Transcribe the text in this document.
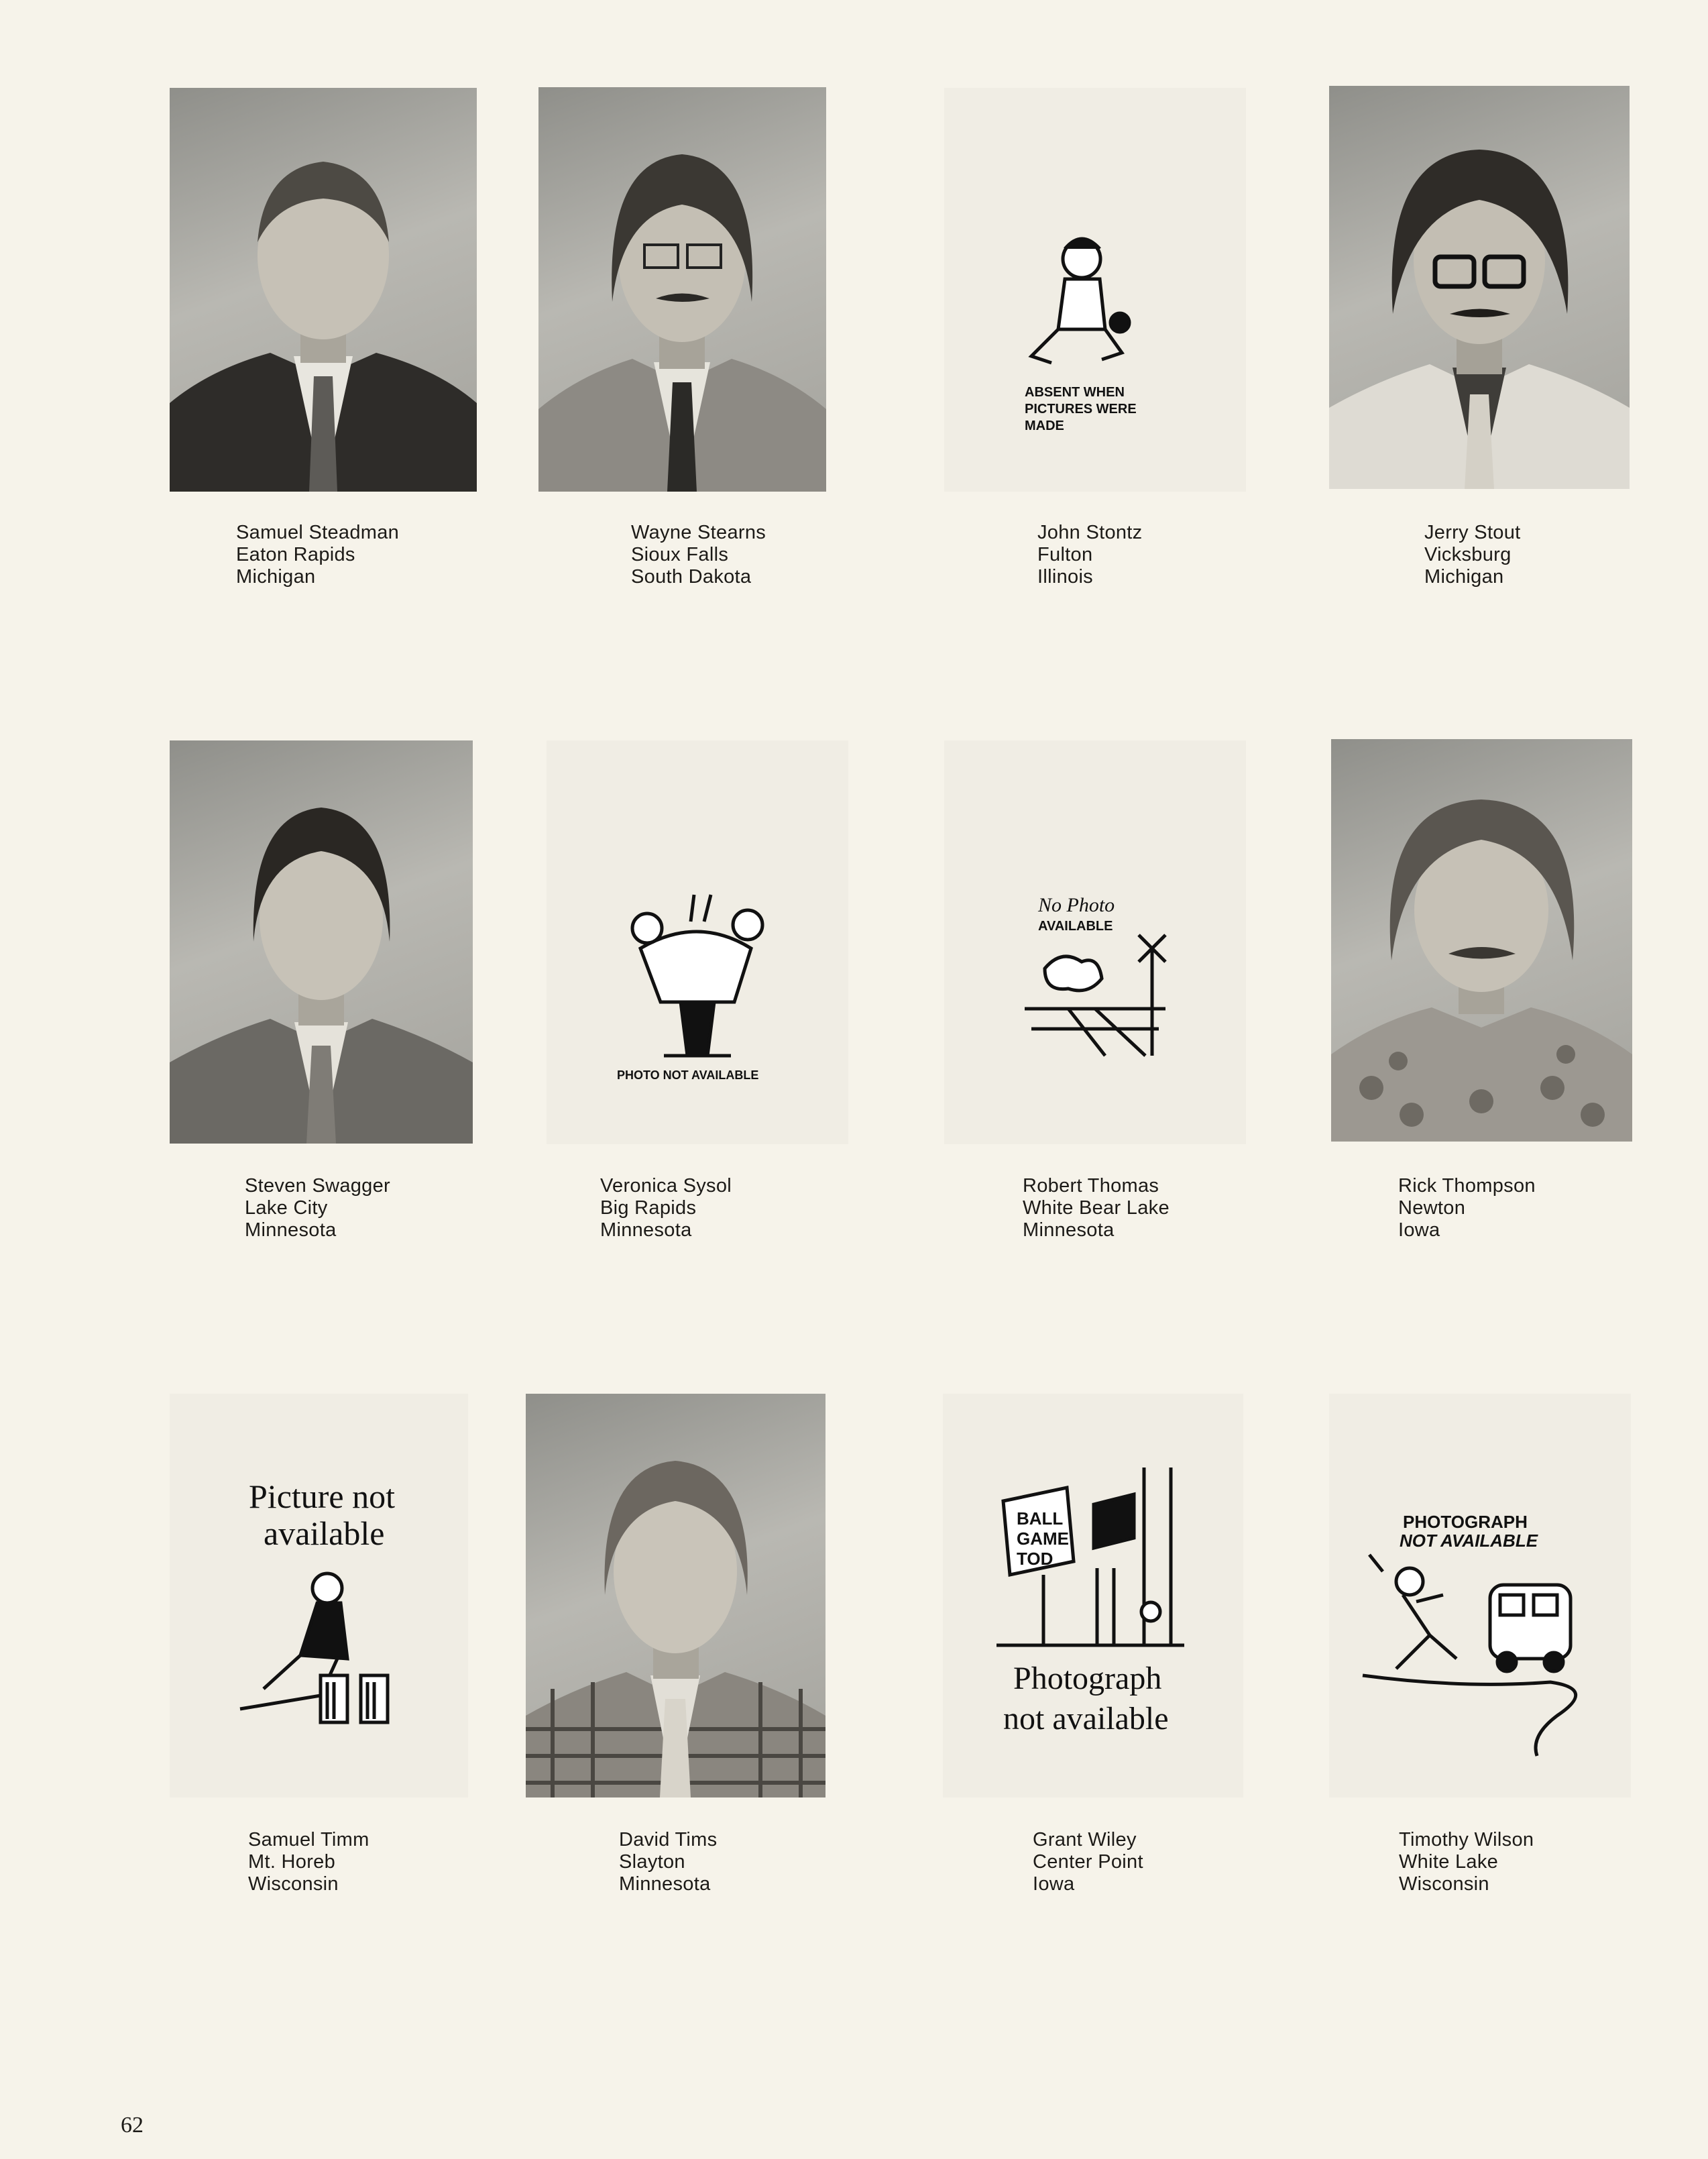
Samuel Steadman
Eaton Rapids
Michigan
Wayne Stearns
Sioux Falls
South Dakota
ABSENT WHEN
PICTURES WERE
MADE
John Stontz
Fulton
Illinois
Jerry Stout
Vicksburg
Michigan
Steven Swagger
Lake City
Minnesota
PHOTO NOT AVAILABLE
Veronica Sysol
Big Rapids
Minnesota
No Photo
AVAILABLE
Robert Thomas
White Bear Lake
Minnesota
Rick Thompson
Newton
Iowa
Picture not
available
Samuel Timm
Mt. Horeb
Wisconsin
David Tims
Slayton
Minnesota
BALL
GAME
TOD
Photograph
not available
Grant Wiley
Center Point
Iowa
PHOTOGRAPH
NOT AVAILABLE
Timothy Wilson
White Lake
Wisconsin
62
